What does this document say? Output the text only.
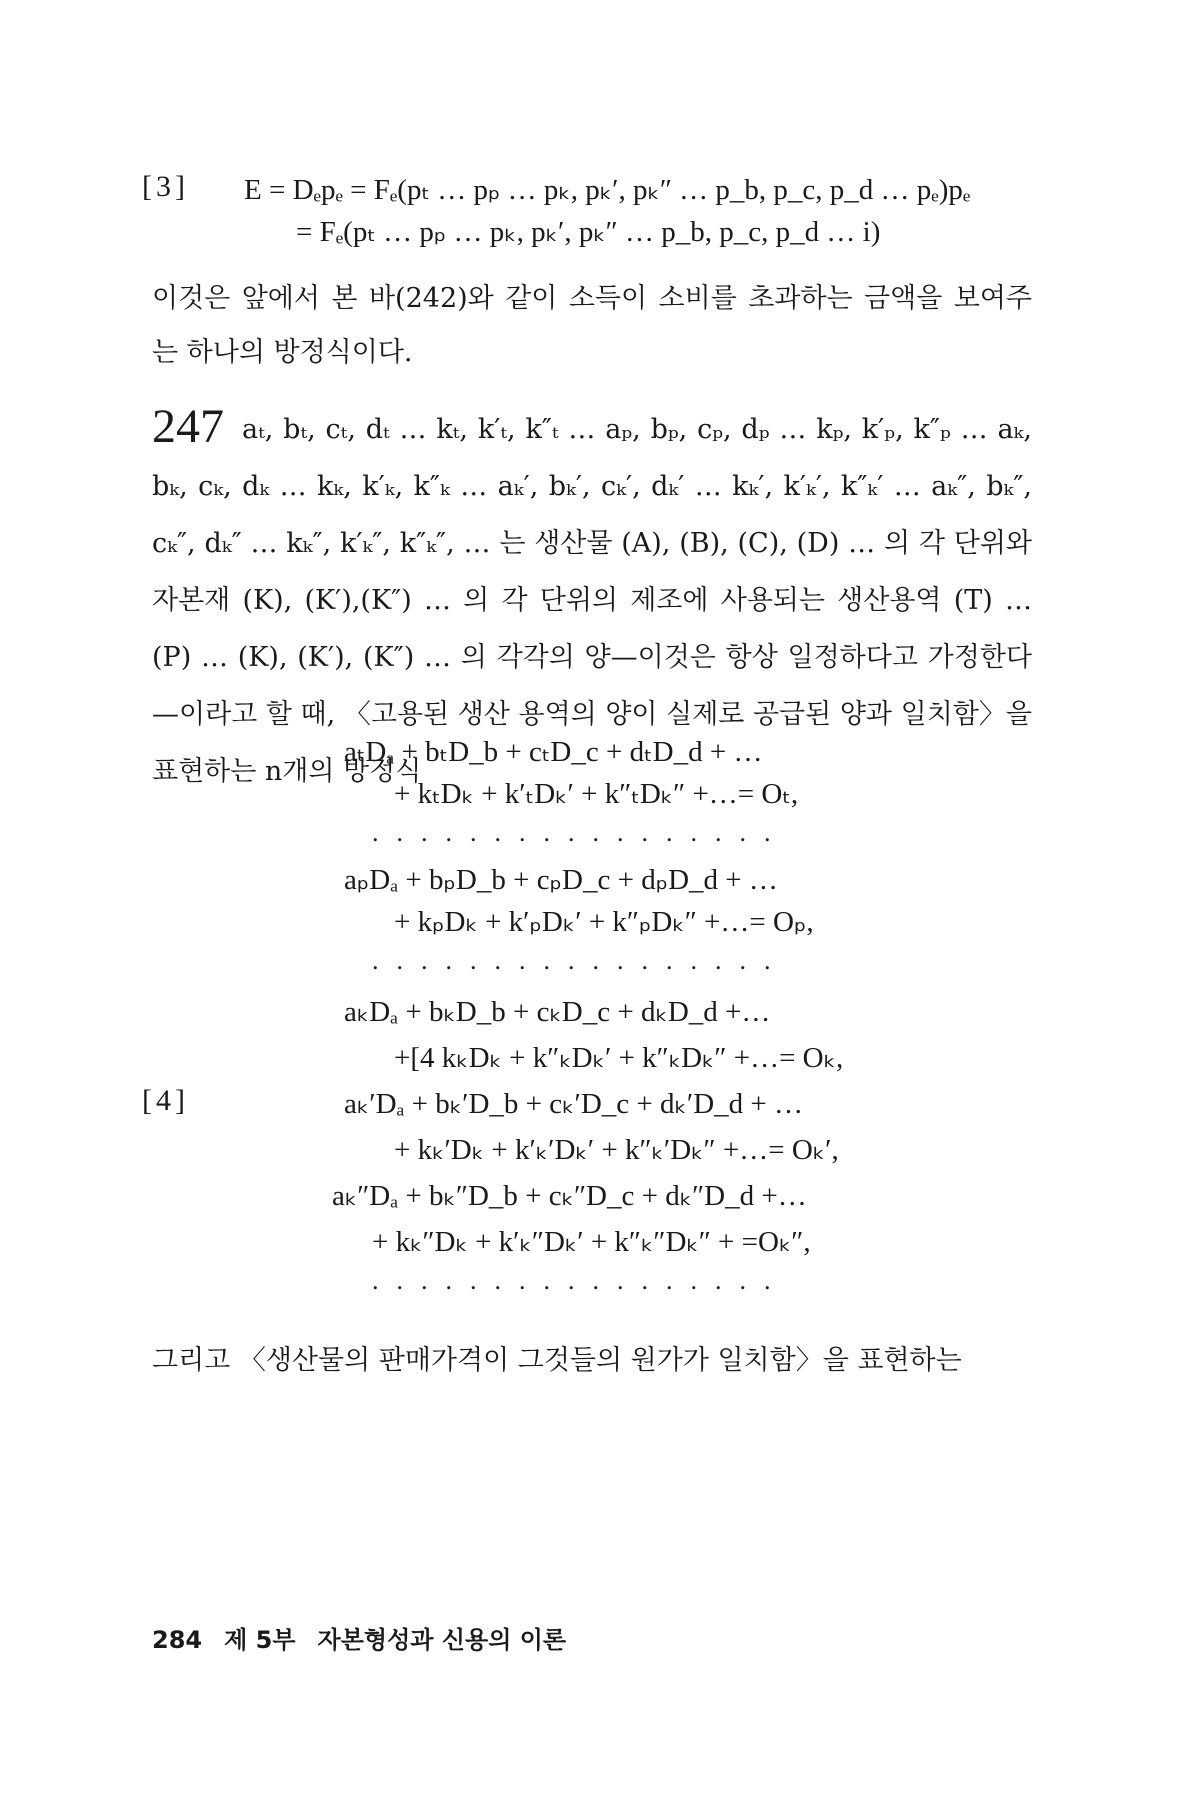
[3] E = Dₑpₑ = Fₑ(pₜ … pₚ … pₖ, pₖ′, pₖ″ … p_b, p_c, p_d … pₑ)pₑ
= Fₑ(pₜ … pₚ … pₖ, pₖ′, pₖ″ … p_b, p_c, p_d … i)
이것은 앞에서 본 바(242)와 같이 소득이 소비를 초과하는 금액을 보여주는 하나의 방정식이다.
247 aₜ, bₜ, cₜ, dₜ … kₜ, k′ₜ, k″ₜ … aₚ, bₚ, cₚ, dₚ … kₚ, k′ₚ, k″ₚ … aₖ, bₖ, cₖ, dₖ … kₖ, k′ₖ, k″ₖ … aₖ′, bₖ′, cₖ′, dₖ′ … kₖ′, k′ₖ′, k″ₖ′ … aₖ″, bₖ″, cₖ″, dₖ″ … kₖ″, k′ₖ″, k″ₖ″, … 는 생산물 (A), (B), (C), (D) … 의 각 단위와 자본재 (K), (K′),(K″) … 의 각 단위의 제조에 사용되는 생산용역 (T) … (P) … (K), (K′), (K″) … 의 각각의 양—이것은 항상 일정하다고 가정한다—이라고 할 때, 〈고용된 생산 용역의 양이 실제로 공급된 양과 일치함〉을 표현하는 n개의 방정식
aₜDₐ + bₜD_b + cₜD_c + dₜD_d + …
+ kₜDₖ + k′ₜDₖ′ + k″ₜDₖ″ +…= Oₜ,
.................
aₚDₐ + bₚD_b + cₚD_c + dₚD_d + …
+ kₚDₖ + k′ₚDₖ′ + k″ₚDₖ″ +…= Oₚ,
.................
aₖDₐ + bₖD_b + cₖD_c + dₖD_d +…
+[4 kₖDₖ + k″ₖDₖ′ + k″ₖDₖ″ +…= Oₖ,
[4]	aₖ′Dₐ + bₖ′D_b + cₖ′D_c + dₖ′D_d + …
+ kₖ′Dₖ + k′ₖ′Dₖ′ + k″ₖ′Dₖ″ +…= Oₖ′,
aₖ″Dₐ + bₖ″D_b + cₖ″D_c + dₖ″D_d +…
+ kₖ″Dₖ + k′ₖ″Dₖ′ + k″ₖ″Dₖ″ + =Oₖ″,
.................
그리고 〈생산물의 판매가격이 그것들의 원가가 일치함〉을 표현하는
284 제 5부 자본형성과 신용의 이론
